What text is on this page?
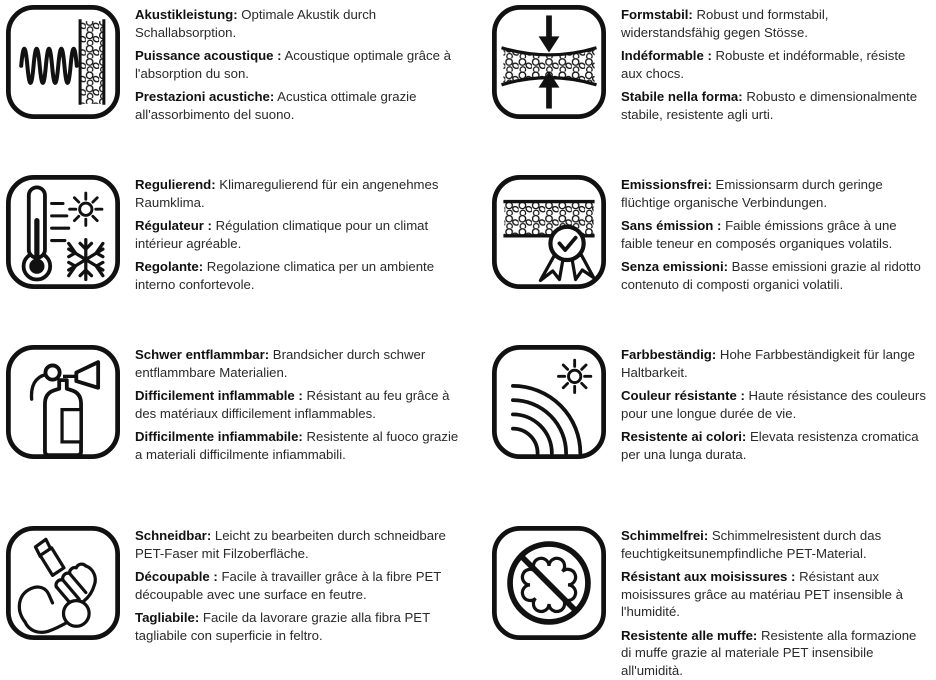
Akustikleistung: Optimale Akustik durch Schallabsorption.

Puissance acoustique : Acoustique optimale grâce à l'absorption du son.

Prestazioni acustiche: Acustica ottimale grazie all'assorbimento del suono.

Formstabil: Robust und formstabil, widerstandsfähig gegen Stösse.

Indéformable : Robuste et indéformable, résiste aux chocs.

Stabile nella forma: Robusto e dimensionalmente stabile, resistente agli urti.

Regulierend: Klimaregulierend für ein angenehmes Raumklima.

Régulateur : Régulation climatique pour un climat intérieur agréable.

Regolante: Regolazione climatica per un ambiente interno confortevole.

Emissionsfrei: Emissionsarm durch geringe flüchtige organische Verbindungen.

Sans émission : Faible émissions grâce à une faible teneur en composés organiques volatils.

Senza emissioni: Basse emissioni grazie al ridotto contenuto di composti organici volatili.

Schwer entflammbar: Brandsicher durch schwer entflammbare Materialien.

Difficilement inflammable : Résistant au feu grâce à des matériaux difficilement inflammables.

Difficilmente infiammabile: Resistente al fuoco grazie a materiali difficilmente infiammabili.

Farbbeständig: Hohe Farbbeständigkeit für lange Haltbarkeit.

Couleur résistante : Haute résistance des couleurs pour une longue durée de vie.

Resistente ai colori: Elevata resistenza cromatica per una lunga durata.

Schneidbar: Leicht zu bearbeiten durch schneidbare PET-Faser mit Filzoberfläche.

Découpable : Facile à travailler grâce à la fibre PET découpable avec une surface en feutre.

Tagliabile: Facile da lavorare grazie alla fibra PET tagliabile con superficie in feltro.

Schimmelfrei: Schimmelresistent durch das feuchtigkeitsunempfindliche PET-Material.

Résistant aux moisissures : Résistant aux moisissures grâce au matériau PET insensible à l'humidité.

Resistente alle muffe: Resistente alla formazione di muffe grazie al materiale PET insensibile all'umidità.
